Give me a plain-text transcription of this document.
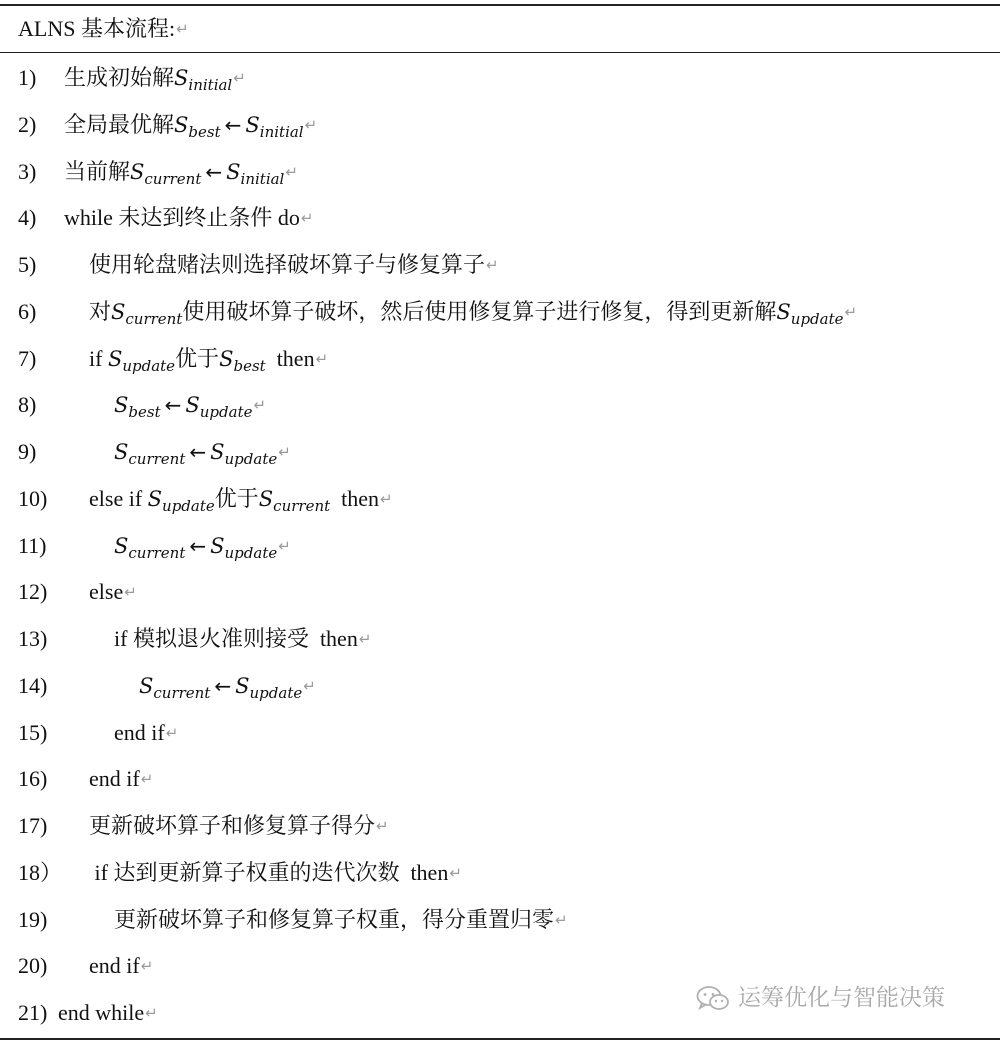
ALNS 基本流程:↵
1) 生成初始解$S_{initial}↵$
2) 全局最优解$S_{best}$ ← $S_{initial}↵$
3) 当前解$S_{current}$ ← $S_{initial}↵$
4) while 未达到终止条件 do↵
5) 使用轮盘赌法则选择破坏算子与修复算子↵
6) 对$S_{current}$使用破坏算子破坏，然后使用修复算子进行修复，得到更新解$S_{update}↵$
7) if $S_{update}$优于$S_{best}$  then↵
8)	$S_{best}$ ← $S_{update}↵$
9)	$S_{current}$ ← $S_{update}↵$
10) else if $S_{update}$优于$S_{current}$  then↵
11)	$S_{current}$ ← $S_{update}↵$
12) else↵
13)	if 模拟退火准则接受  then↵
14)	$S_{current}$ ← $S_{update}↵$
15)	end if↵
16) end if↵
17) 更新破坏算子和修复算子得分↵
18） if 达到更新算子权重的迭代次数  then↵
19)	更新破坏算子和修复算子权重，得分重置归零↵
20) end if↵
21) end while↵
运筹优化与智能决策
